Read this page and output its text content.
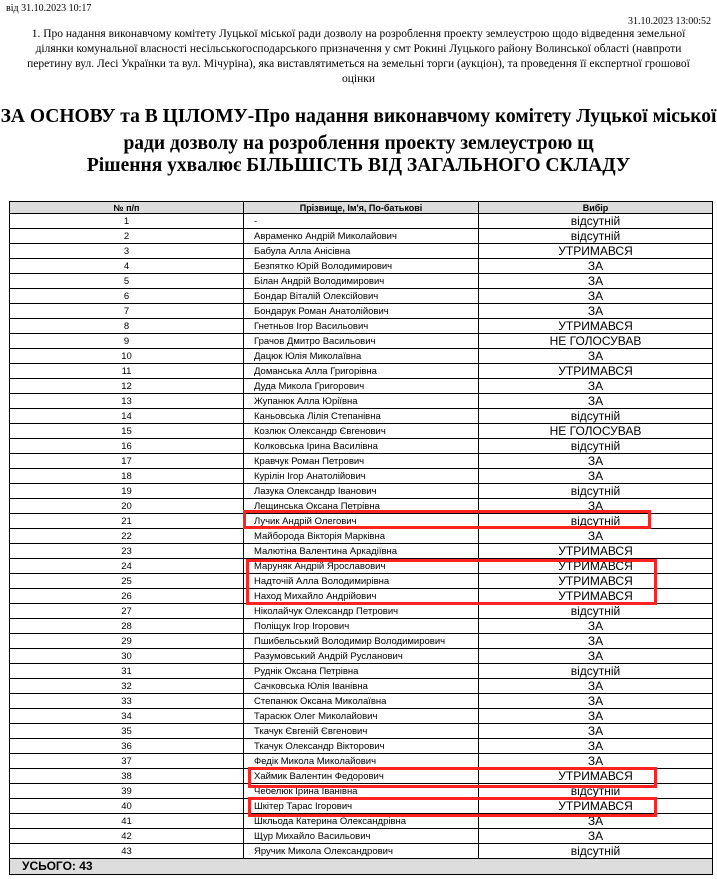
від 31.10.2023 10:17
31.10.2023 13:00:52
1. Про надання виконавчому комітету Луцької міської ради дозволу на розроблення проекту землеустрою щодо відведення земельної ділянки комунальної власності несільськогосподарського призначення у смт Рокині Луцького району Волинської області (навпроти перетину вул. Лесі Українки та вул. Мічуріна), яка виставлятиметься на земельні торги (аукціон), та проведення її експертної грошової оцінки
ЗА ОСНОВУ та В ЦІЛОМУ-Про надання виконавчому комітету Луцької міської ради дозволу на розроблення проекту землеустрою щ
Рішення ухвалює БІЛЬШІСТЬ ВІД ЗАГАЛЬНОГО СКЛАДУ
№ п/п	Прізвище, Ім'я, По-батькові	Вибір
1	-	відсутній
2	Авраменко Андрій Миколайович	відсутній
3	Бабула Алла Анісівна	УТРИМАВСЯ
4	Безпятко Юрій Володимирович	ЗА
5	Білан Андрій Володимирович	ЗА
6	Бондар Віталій Олексійович	ЗА
7	Бондарук Роман Анатолійович	ЗА
8	Гнетньов Ігор Васильович	УТРИМАВСЯ
9	Грачов Дмитро Васильович	НЕ ГОЛОСУВАВ
10	Дацюк Юлія Миколаївна	ЗА
11	Доманська Алла Григорівна	УТРИМАВСЯ
12	Дуда Микола Григорович	ЗА
13	Жупанюк Алла Юріївна	ЗА
14	Каньовська Лілія Степанівна	відсутній
15	Козлюк Олександр Євгенович	НЕ ГОЛОСУВАВ
16	Колковська Ірина Василівна	відсутній
17	Кравчук Роман Петрович	ЗА
18	Курілін Ігор Анатолійович	ЗА
19	Лазука Олександр Іванович	відсутній
20	Лещинська Оксана Петрівна	ЗА
21	Лучик Андрій Олегович	відсутній
22	Майборода Вікторія Марківна	ЗА
23	Малютіна Валентина Аркадіївна	УТРИМАВСЯ
24	Маруняк Андрій Ярославович	УТРИМАВСЯ
25	Надточій Алла Володимирівна	УТРИМАВСЯ
26	Наход Михайло Андрійович	УТРИМАВСЯ
27	Ніколайчук Олександр Петрович	відсутній
28	Поліщук Ігор Ігорович	ЗА
29	Пшибельський Володимир Володимирович	ЗА
30	Разумовський Андрій Русланович	ЗА
31	Руднік Оксана Петрівна	відсутній
32	Сачковська Юлія Іванівна	ЗА
33	Степанюк Оксана Миколаївна	ЗА
34	Тарасюк Олег Миколайович	ЗА
35	Ткачук Євгеній Євгенович	ЗА
36	Ткачук Олександр Вікторович	ЗА
37	Федік Микола Миколайович	ЗА
38	Хаймик Валентин Федорович	УТРИМАВСЯ
39	Чебелюк Ірина Іванівна	відсутній
40	Шкітер Тарас Ігорович	УТРИМАВСЯ
41	Шкльода Катерина Олександрівна	ЗА
42	Щур Михайло Васильович	ЗА
43	Яручик Микола Олександрович	відсутній
УСЬОГО: 43		
